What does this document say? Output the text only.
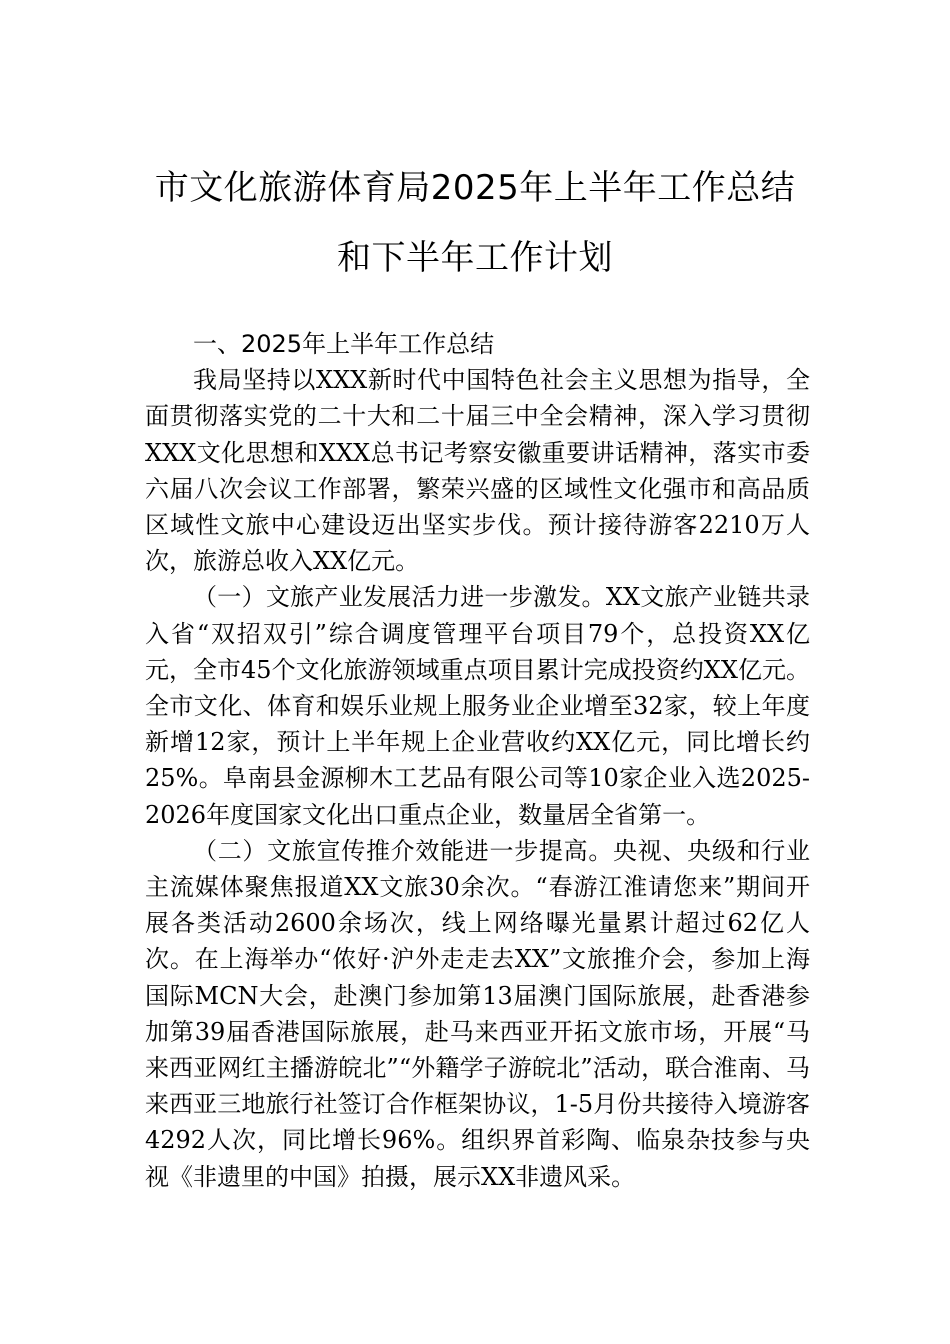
市文化旅游体育局2025年上半年工作总结
和下半年工作计划

一、2025年上半年工作总结

我局坚持以XXX新时代中国特色社会主义思想为指导，全面贯彻落实党的二十大和二十届三中全会精神，深入学习贯彻XXX文化思想和XXX总书记考察安徽重要讲话精神，落实市委六届八次会议工作部署，繁荣兴盛的区域性文化强市和高品质区域性文旅中心建设迈出坚实步伐。预计接待游客2210万人次，旅游总收入XX亿元。

（一）文旅产业发展活力进一步激发。XX文旅产业链共录入省“双招双引”综合调度管理平台项目79个，总投资XX亿元，全市45个文化旅游领域重点项目累计完成投资约XX亿元。全市文化、体育和娱乐业规上服务业企业增至32家，较上年度新增12家，预计上半年规上企业营收约XX亿元，同比增长约25%。阜南县金源柳木工艺品有限公司等10家企业入选2025-2026年度国家文化出口重点企业，数量居全省第一。

（二）文旅宣传推介效能进一步提高。央视、央级和行业主流媒体聚焦报道XX文旅30余次。“春游江淮请您来”期间开展各类活动2600余场次，线上网络曝光量累计超过62亿人次。在上海举办“侬好·沪外走走去XX”文旅推介会，参加上海国际MCN大会，赴澳门参加第13届澳门国际旅展，赴香港参加第39届香港国际旅展，赴马来西亚开拓文旅市场，开展“马来西亚网红主播游皖北”“外籍学子游皖北”活动，联合淮南、马来西亚三地旅行社签订合作框架协议，1-5月份共接待入境游客4292人次，同比增长96%。组织界首彩陶、临泉杂技参与央视《非遗里的中国》拍摄，展示XX非遗风采。
